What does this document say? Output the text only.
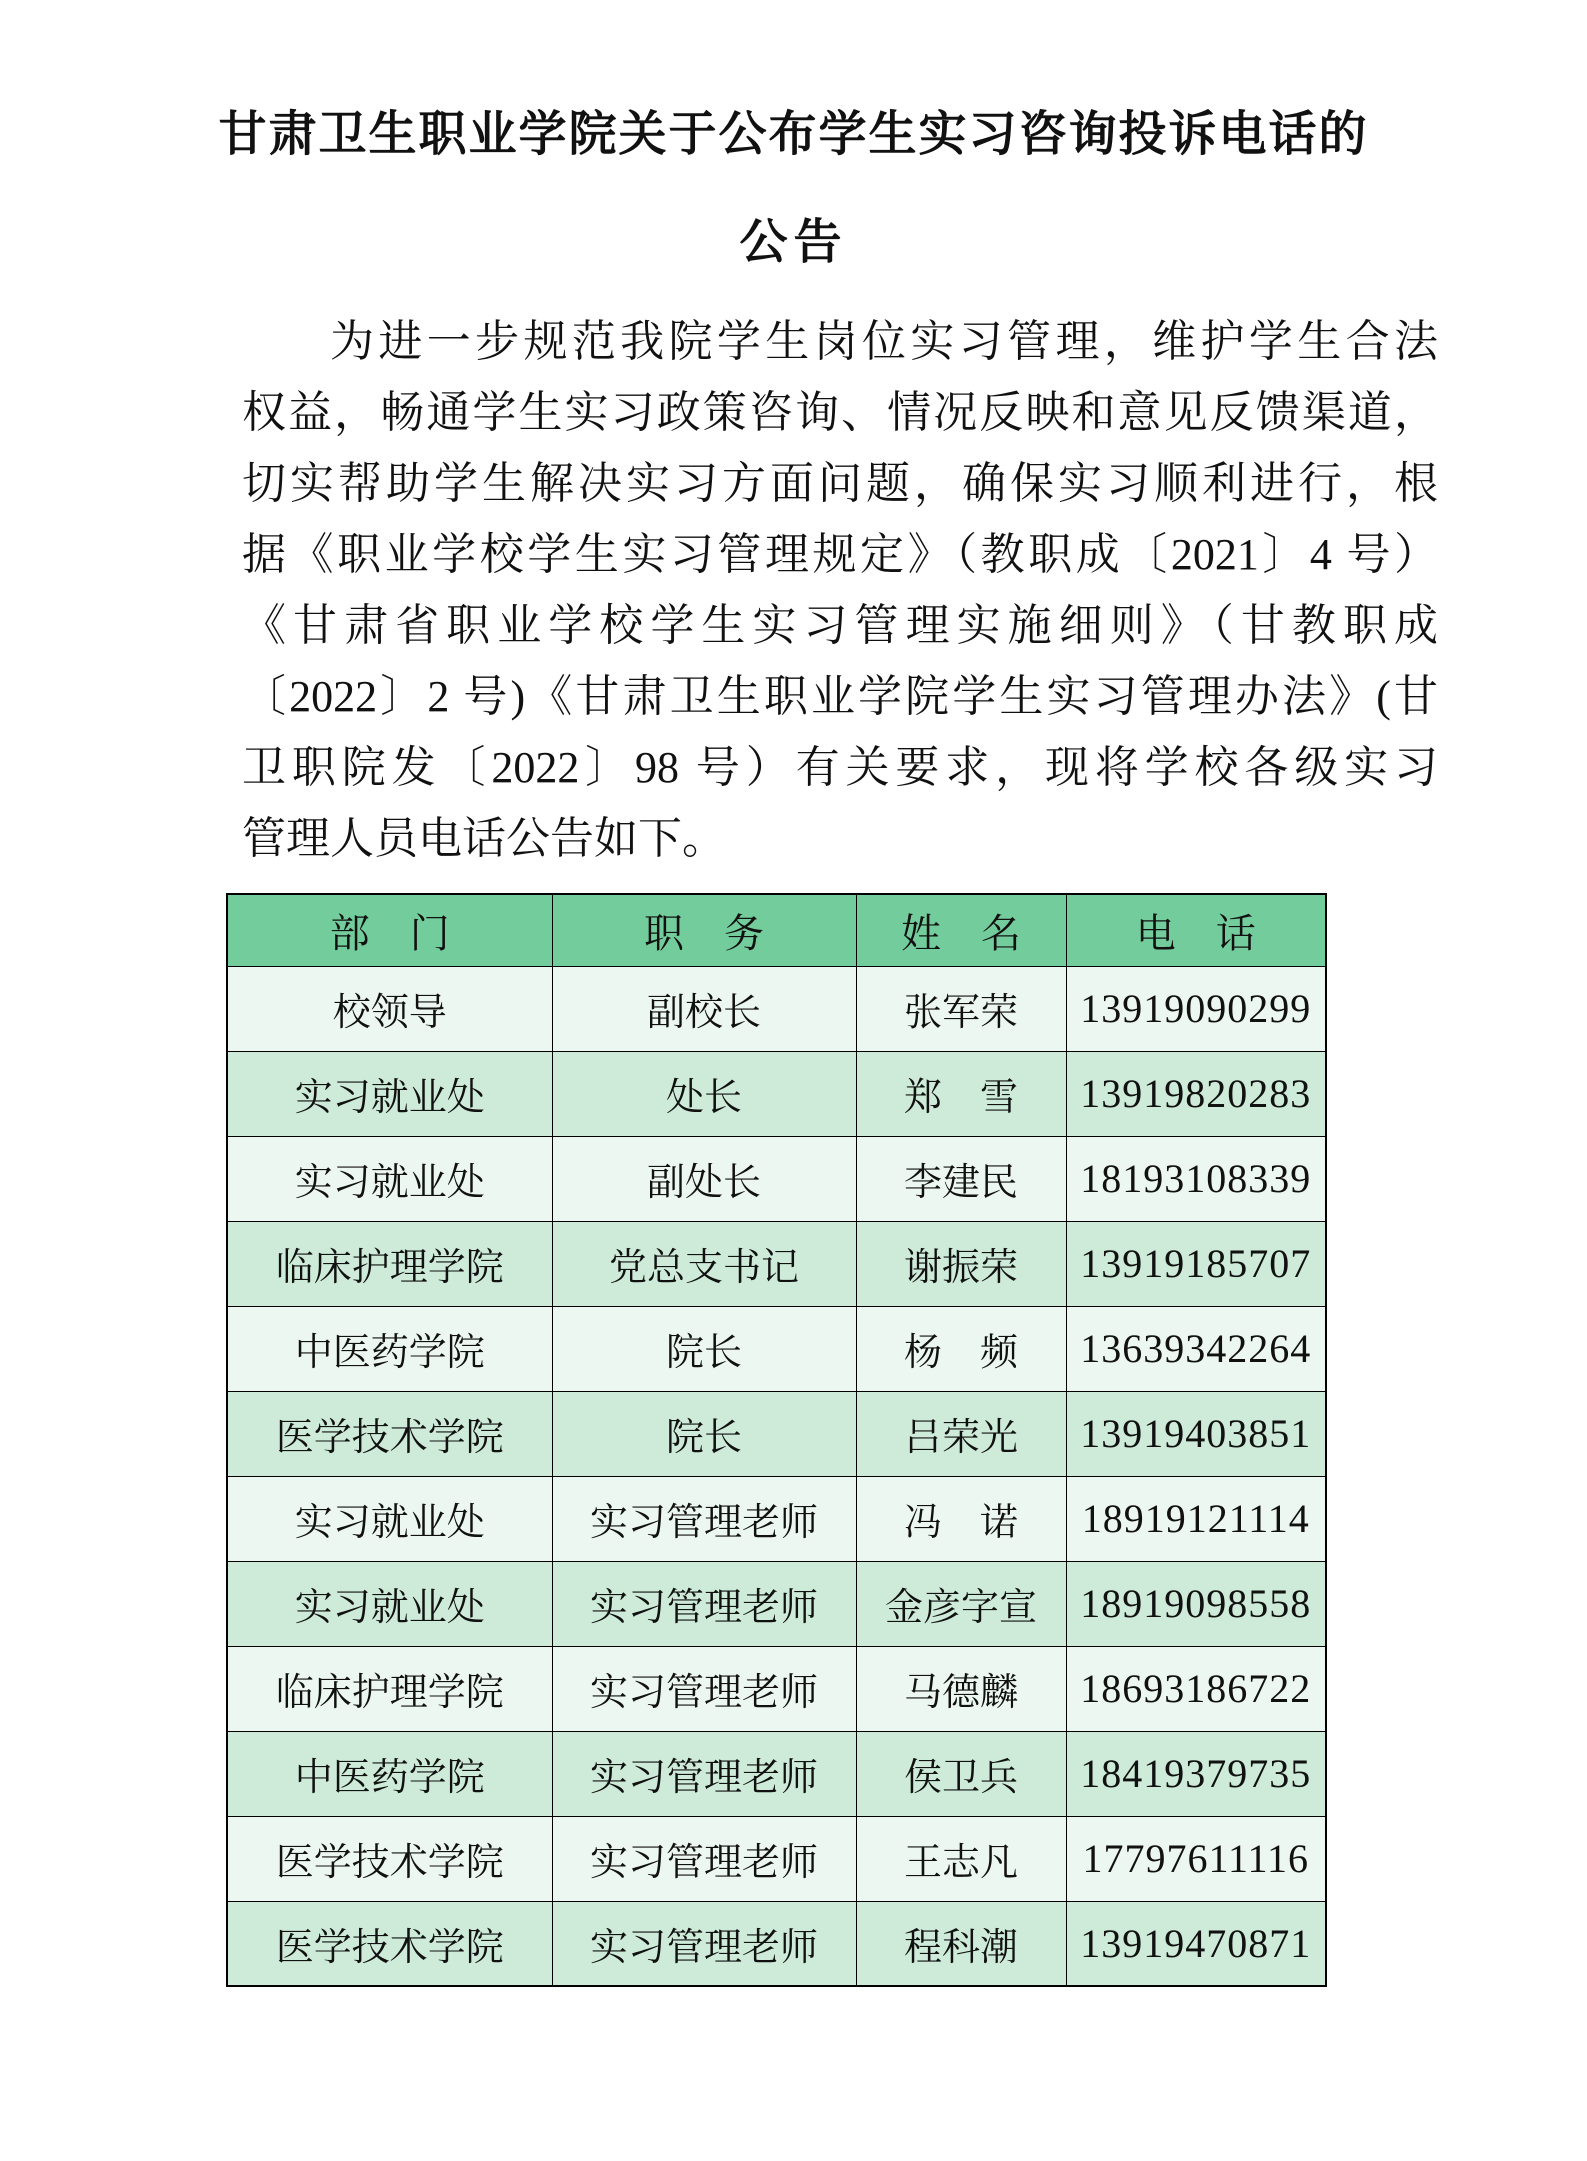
甘肃卫生职业学院关于公布学生实习咨询投诉电话的
公告
为进一步规范我院学生岗位实习管理，维护学生合法
权益，畅通学生实习政策咨询、情况反映和意见反馈渠道，
切实帮助学生解决实习方面问题，确保实习顺利进行，根
据《职业学校学生实习管理规定》（教职成〔2021〕4 号）
《甘肃省职业学校学生实习管理实施细则》（甘教职成
〔2022〕2 号)《甘肃卫生职业学院学生实习管理办法》(甘
卫职院发〔2022〕98 号）有关要求，现将学校各级实习
管理人员电话公告如下。
部　门	职　务	姓　名	电　话
校领导	副校长	张军荣	13919090299
实习就业处	处长	郑　雪	13919820283
实习就业处	副处长	李建民	18193108339
临床护理学院	党总支书记	谢振荣	13919185707
中医药学院	院长	杨　频	13639342264
医学技术学院	院长	吕荣光	13919403851
实习就业处	实习管理老师	冯　诺	18919121114
实习就业处	实习管理老师	金彦字宣	18919098558
临床护理学院	实习管理老师	马德麟	18693186722
中医药学院	实习管理老师	侯卫兵	18419379735
医学技术学院	实习管理老师	王志凡	17797611116
医学技术学院	实习管理老师	程科潮	13919470871
